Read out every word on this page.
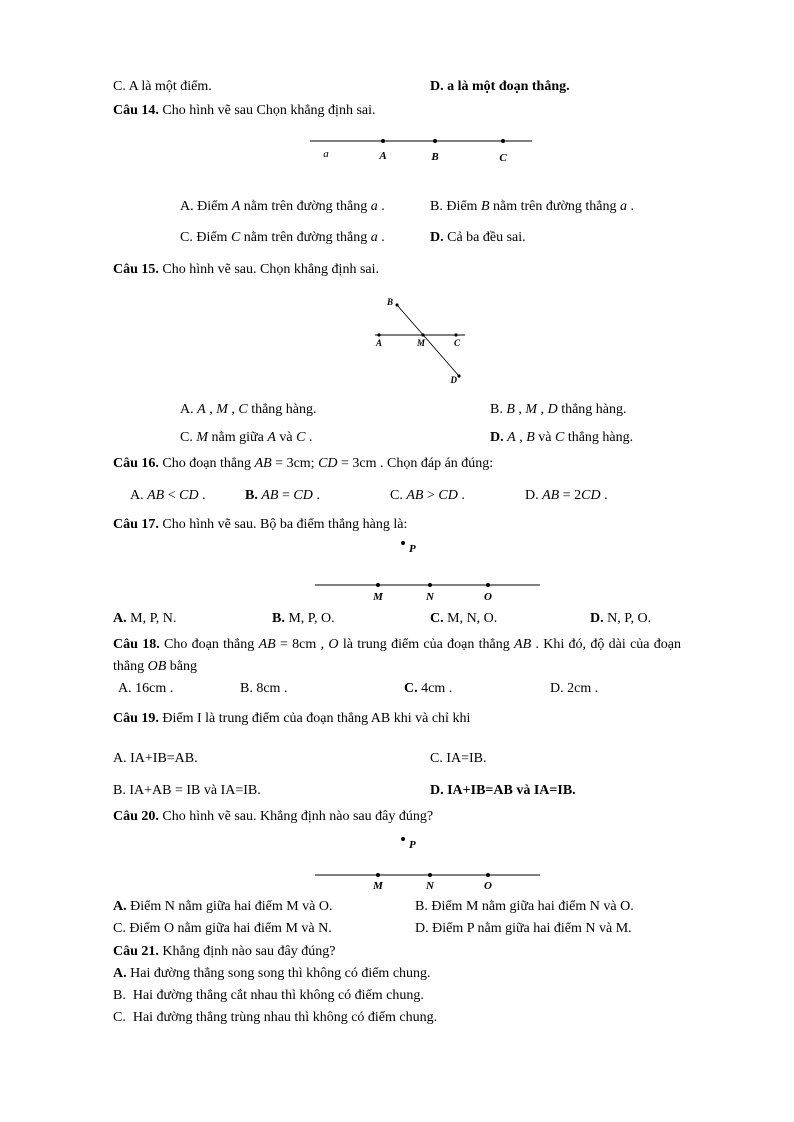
C. A là một điểm.	D. a là một đoạn thẳng.

Câu 14. Cho hình vẽ sau Chọn khẳng định sai.

a	A	B	C
A. Điểm A nằm trên đường thẳng a .	B. Điểm B nằm trên đường thẳng a .
C. Điểm C nằm trên đường thẳng a .	D. Cả ba đều sai.

Câu 15. Cho hình vẽ sau. Chọn khẳng định sai.

A	M	C
B
D
A. A , M , C thẳng hàng.	B. B , M , D thẳng hàng.
C. M nằm giữa A và C .	D. A , B và C thẳng hàng.

Câu 16. Cho đoạn thẳng AB = 3cm; CD = 3cm . Chọn đáp án đúng:

A. AB < CD .	B. AB = CD .	C. AB > CD .	D. AB = 2CD .

Câu 17. Cho hình vẽ sau. Bộ ba điểm thẳng hàng là:

P
M	N	O
A. M, P, N.	B. M, P, O.	C. M, N, O.	D. N, P, O.

Câu 18. Cho đoạn thẳng AB = 8cm , O là trung điểm của đoạn thẳng AB . Khi đó, độ dài của đoạn thẳng OB bằng

A. 16cm .	B. 8cm .	C. 4cm .	D. 2cm .

Câu 19. Điểm I là trung điểm của đoạn thẳng AB khi và chỉ khi

A. IA+IB=AB.	C. IA=IB.
B. IA+AB = IB và IA=IB.	D. IA+IB=AB và IA=IB.

Câu 20. Cho hình vẽ sau. Khẳng định nào sau đây đúng?

P
M	N	O
A. Điểm N nằm giữa hai điểm M và O.	B. Điểm M nằm giữa hai điểm N và O.
C. Điểm O nằm giữa hai điểm M và N.	D. Điểm P nằm giữa hai điểm N và M.

Câu 21. Khẳng định nào sau đây đúng?

A. Hai đường thẳng song song thì không có điểm chung.

B.  Hai đường thẳng cắt nhau thì không có điểm chung.

C.  Hai đường thẳng trùng nhau thì không có điểm chung.
